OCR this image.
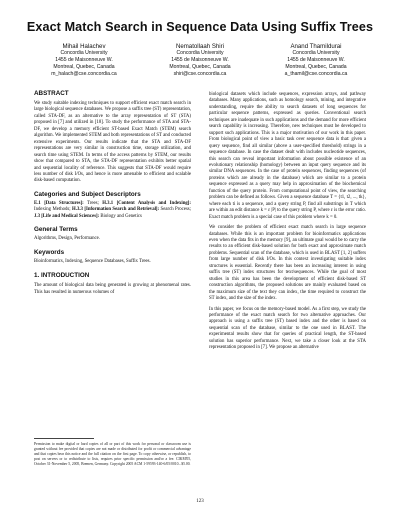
Exact Match Search in Sequence Data Using Suffix Trees
Mihail Halachev
Concordia University
1455 de Maisonneuve W.
Montreal, Quebec, Canada
m_halach@cse.concordia.ca
Nematollaah Shiri
Concordia University
1455 de Maisonneuve W.
Montreal, Quebec, Canada
shiri@cse.concordia.ca
Anand Thamildurai
Concordia University
1455 de Maisonneuve W.
Montreal, Quebec, Canada
a_thamil@cse.concordia.ca
ABSTRACT

We study suitable indexing techniques to support efficient exact match search in large biological sequence databases. We propose a suffix tree (ST) representation, called STA-DF, as an alternative to the array representation of ST (STA) proposed in [7] and utilized in [18]. To study the performance of STA and STA-DF, we develop a memory efficient ST-based Exact Match (STEM) search algorithm. We implemented STEM and both representations of ST and conducted extensive experiments. Our results indicate that the STA and STA-DF representations are very similar in construction time, storage utilization, and search time using STEM. In terms of the access patterns by STEM, our results show that compared to STA, the STA-DF representation exhibits better spatial and sequential locality of reference. This suggests that STA-DF would require less number of disk I/Os, and hence is more amenable to efficient and scalable disk-based computation.

Categories and Subject Descriptors

E.1 [Data Structures]: Trees; H.3.1 [Content Analysis and Indexing]: Indexing Methods; H.3.3 [Information Search and Retrieval]: Search Process; J.3 [Life and Medical Sciences]: Biology and Genetics

General Terms

Algorithms, Design, Performance.

Keywords

Bioinformatics, Indexing, Sequence Databases, Suffix Trees.

1. INTRODUCTION

The amount of biological data being generated is growing at phenomenal rates. This has resulted in numerous volumes of

Permission to make digital or hard copies of all or part of this work for personal or classroom use is granted without fee provided that copies are not made or distributed for profit or commercial advantage and that copies bear this notice and the full citation on the first page. To copy otherwise, or republish, to post on servers or to redistribute to lists, requires prior specific permission and/or a fee. CIKM'05, October 31-November 5, 2005, Bremen, Germany. Copyright 2005 ACM 1-59593-140-6/05/0010...$5.00.

biological datasets which include sequences, expression arrays, and pathway databases. Many applications, such as homology search, mining, and integrative understanding, require the ability to search datasets of long sequences for particular sequence patterns, expressed as queries. Conventional search techniques are inadequate in such applications and the demand for more efficient search capability is increasing. Therefore, new techniques must be developed to support such applications. This is a major motivation of our work in this paper. From biological point of view a basic task over sequence data is that: given a query sequence, find all similar (above a user-specified threshold) strings in a sequence database. In case the dataset dealt with includes nucleotide sequences, this search can reveal important information about possible existence of an evolutionary relationship (homology) between an input query sequence and its similar DNA sequences. In the case of protein sequences, finding sequences (of proteins which are already in the database) which are similar to a protein sequence expressed as a query may help in approximation of the biochemical function of the query protein. From computational point of view, the searching problem can be defined as follows. Given a sequence database T = {t1, t2, ..., tk}, where each ti is a sequence, and a query string P, find all substrings in T which are within an edit distance k = ε |P| to the query string P, where ε is the error ratio. Exact match problem is a special case of this problem where k = 0.

We consider the problem of efficient exact match search in large sequence databases. While this is an important problem for bioinformatics applications even when the data fits in the memory [9], an ultimate goal would be to carry the results to an efficient disk-based solution for both exact and approximate match problems. Sequential scan of the database, which is used in BLAST [1, 2] suffers from large number of disk I/Os. In this context investigating suitable index structures is essential. Recently there has been an increasing interest in using suffix tree (ST) index structures for text/sequences. While the goal of most studies in this area has been the development of efficient disk-based ST construction algorithms, the proposed solutions are mainly evaluated based on the maximum size of the text they can index, the time required to construct the ST index, and the size of the index.

In this paper, we focus on the memory-based model. As a first step, we study the performance of the exact match search for two alternative approaches. Our approach is using a suffix tree (ST) based index and the other is based on sequential scan of the database, similar to the one used in BLAST. The experimental results show that for queries of practical length, the ST-based solution has superior performance. Next, we take a closer look at the STA representation proposed in [7]. We propose an alternative

123
